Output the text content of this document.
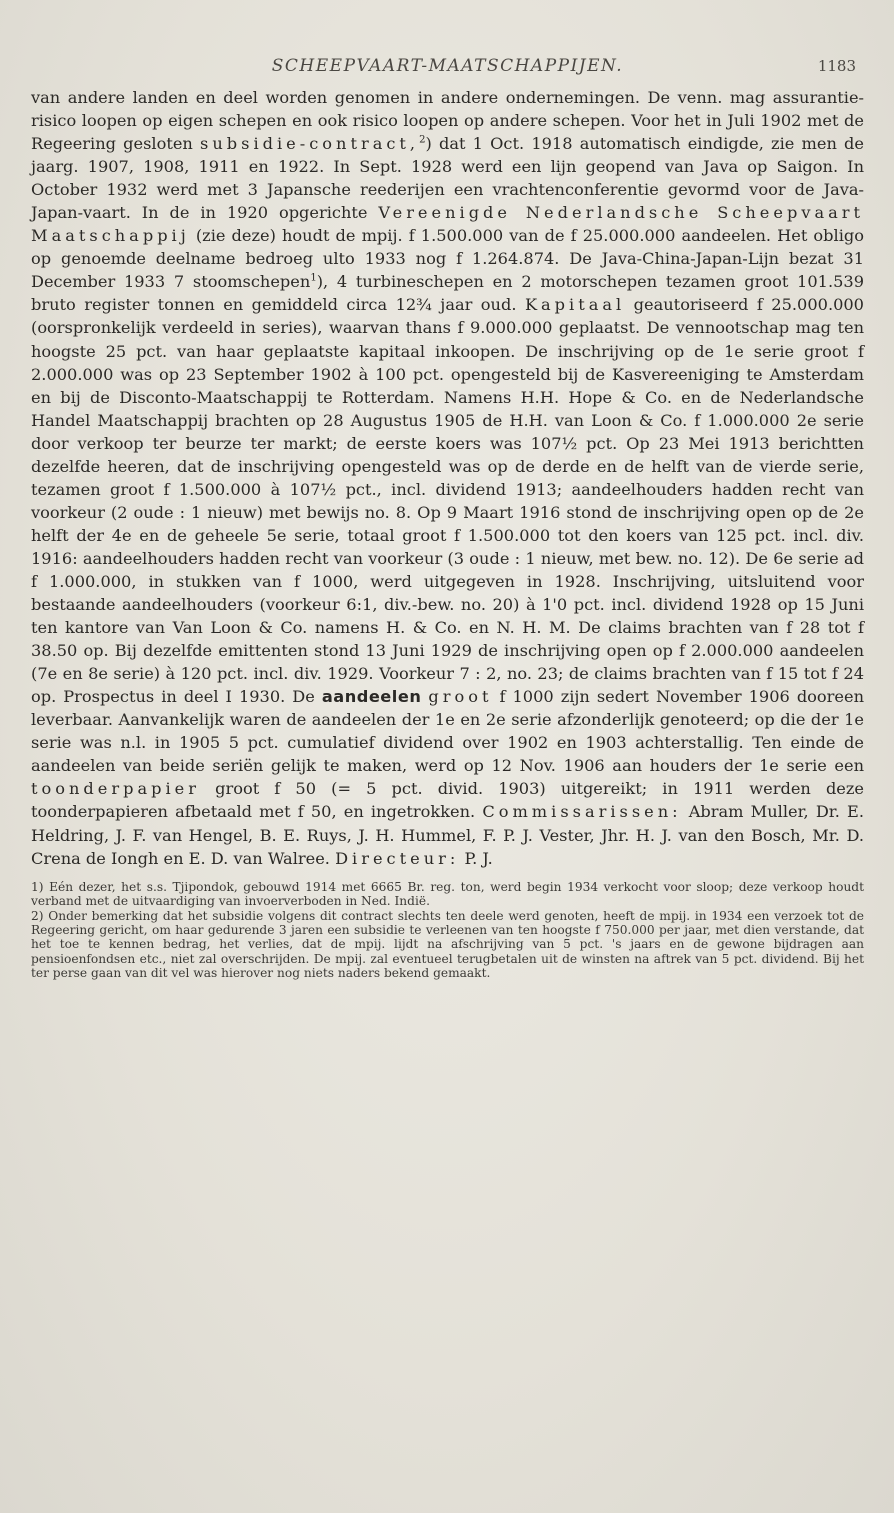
SCHEEPVAART-MAATSCHAPPIJEN.	1183

van andere landen en deel worden genomen in andere ondernemingen. De venn. mag assurantie-risico loopen op eigen schepen en ook risico loopen op andere schepen. Voor het in Juli 1902 met de Regeering gesloten subsidie-contract,$^2$) dat 1 Oct. 1918 automatisch eindigde, zie men de jaarg. 1907, 1908, 1911 en 1922. In Sept. 1928 werd een lijn geopend van Java op Saigon. In October 1932 werd met 3 Japansche reederijen een vrachtenconferentie gevormd voor de Java-Japan-vaart. In de in 1920 opgerichte Vereenigde Nederlandsche Scheepvaart Maatschappij (zie deze) houdt de mpij. f 1.500.000 van de f 25.000.000 aandeelen. Het obligo op genoemde deelname bedroeg ulto 1933 nog f 1.264.874. De Java-China-Japan-Lijn bezat 31 December 1933 7 stoomschepen$^1$), 4 turbineschepen en 2 motorschepen tezamen groot 101.539 bruto register tonnen en gemiddeld circa 12¾ jaar oud. Kapitaal geautoriseerd f 25.000.000 (oorspronkelijk verdeeld in series), waarvan thans f 9.000.000 geplaatst. De vennootschap mag ten hoogste 25 pct. van haar geplaatste kapitaal inkoopen. De inschrijving op de 1e serie groot f 2.000.000 was op 23 September 1902 à 100 pct. opengesteld bij de Kasvereeniging te Amsterdam en bij de Disconto-Maatschappij te Rotterdam. Namens H.H. Hope & Co. en de Nederlandsche Handel Maatschappij brachten op 28 Augustus 1905 de H.H. van Loon & Co. f 1.000.000 2e serie door verkoop ter beurze ter markt; de eerste koers was 107½ pct. Op 23 Mei 1913 berichtten dezelfde heeren, dat de inschrijving opengesteld was op de derde en de helft van de vierde serie, tezamen groot f 1.500.000 à 107½ pct., incl. dividend 1913; aandeelhouders hadden recht van voorkeur (2 oude : 1 nieuw) met bewijs no. 8. Op 9 Maart 1916 stond de inschrijving open op de 2e helft der 4e en de geheele 5e serie, totaal groot f 1.500.000 tot den koers van 125 pct. incl. div. 1916: aandeelhouders hadden recht van voorkeur (3 oude : 1 nieuw, met bew. no. 12). De 6e serie ad f 1.000.000, in stukken van f 1000, werd uitgegeven in 1928. Inschrijving, uitsluitend voor bestaande aandeelhouders (voorkeur 6:1, div.-bew. no. 20) à 1'0 pct. incl. dividend 1928 op 15 Juni ten kantore van Van Loon & Co. namens H. & Co. en N. H. M. De claims brachten van f 28 tot f 38.50 op. Bij dezelfde emittenten stond 13 Juni 1929 de inschrijving open op f 2.000.000 aandeelen (7e en 8e serie) à 120 pct. incl. div. 1929. Voorkeur 7 : 2, no. 23; de claims brachten van f 15 tot f 24 op. Prospectus in deel I 1930. De aandeelen groot f 1000 zijn sedert November 1906 dooreen leverbaar. Aanvankelijk waren de aandeelen der 1e en 2e serie afzonderlijk genoteerd; op die der 1e serie was n.l. in 1905 5 pct. cumulatief dividend over 1902 en 1903 achterstallig. Ten einde de aandeelen van beide seriën gelijk te maken, werd op 12 Nov. 1906 aan houders der 1e serie een toonderpapier groot f 50 (= 5 pct. divid. 1903) uitgereikt; in 1911 werden deze toonderpapieren afbetaald met f 50, en ingetrokken. Commissarissen: Abram Muller, Dr. E. Heldring, J. F. van Hengel, B. E. Ruys, J. H. Hummel, F. P. J. Vester, Jhr. H. J. van den Bosch, Mr. D. Crena de Iongh en E. D. van Walree. Directeur: P. J.

1) Eén dezer, het s.s. Tjipondok, gebouwd 1914 met 6665 Br. reg. ton, werd begin 1934 verkocht voor sloop; deze verkoop houdt verband met de uitvaardiging van invoerverboden in Ned. Indië.

2) Onder bemerking dat het subsidie volgens dit contract slechts ten deele werd genoten, heeft de mpij. in 1934 een verzoek tot de Regeering gericht, om haar gedurende 3 jaren een subsidie te verleenen van ten hoogste f 750.000 per jaar, met dien verstande, dat het toe te kennen bedrag, het verlies, dat de mpij. lijdt na afschrijving van 5 pct. 's jaars en de gewone bijdragen aan pensioenfondsen etc., niet zal overschrijden. De mpij. zal eventueel terugbetalen uit de winsten na aftrek van 5 pct. dividend. Bij het ter perse gaan van dit vel was hierover nog niets naders bekend gemaakt.
